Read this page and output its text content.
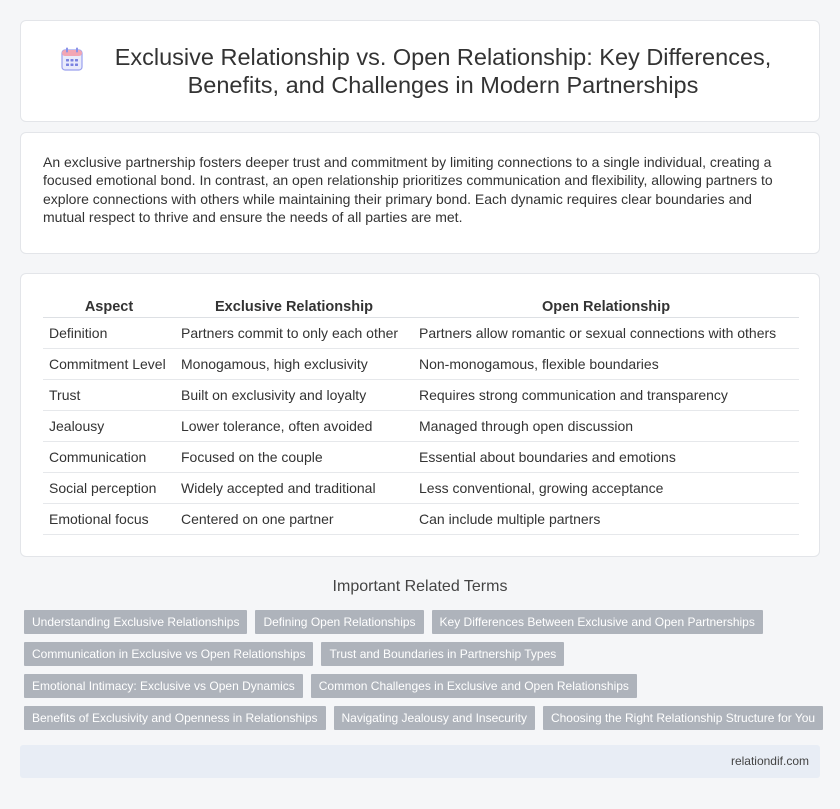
Exclusive Relationship vs. Open Relationship: Key Differences, Benefits, and Challenges in Modern Partnerships

An exclusive partnership fosters deeper trust and commitment by limiting connections to a single individual, creating a focused emotional bond. In contrast, an open relationship prioritizes communication and flexibility, allowing partners to explore connections with others while maintaining their primary bond. Each dynamic requires clear boundaries and mutual respect to thrive and ensure the needs of all parties are met.

Aspect	Exclusive Relationship	Open Relationship
Definition	Partners commit to only each other	Partners allow romantic or sexual connections with others
Commitment Level	Monogamous, high exclusivity	Non-monogamous, flexible boundaries
Trust	Built on exclusivity and loyalty	Requires strong communication and transparency
Jealousy	Lower tolerance, often avoided	Managed through open discussion
Communication	Focused on the couple	Essential about boundaries and emotions
Social perception	Widely accepted and traditional	Less conventional, growing acceptance
Emotional focus	Centered on one partner	Can include multiple partners
Important Related Terms
Understanding Exclusive Relationships	Defining Open Relationships	Key Differences Between Exclusive and Open Partnerships
Communication in Exclusive vs Open Relationships	Trust and Boundaries in Partnership Types
Emotional Intimacy: Exclusive vs Open Dynamics	Common Challenges in Exclusive and Open Relationships
Benefits of Exclusivity and Openness in Relationships	Navigating Jealousy and Insecurity	Choosing the Right Relationship Structure for You
relationdif.com
